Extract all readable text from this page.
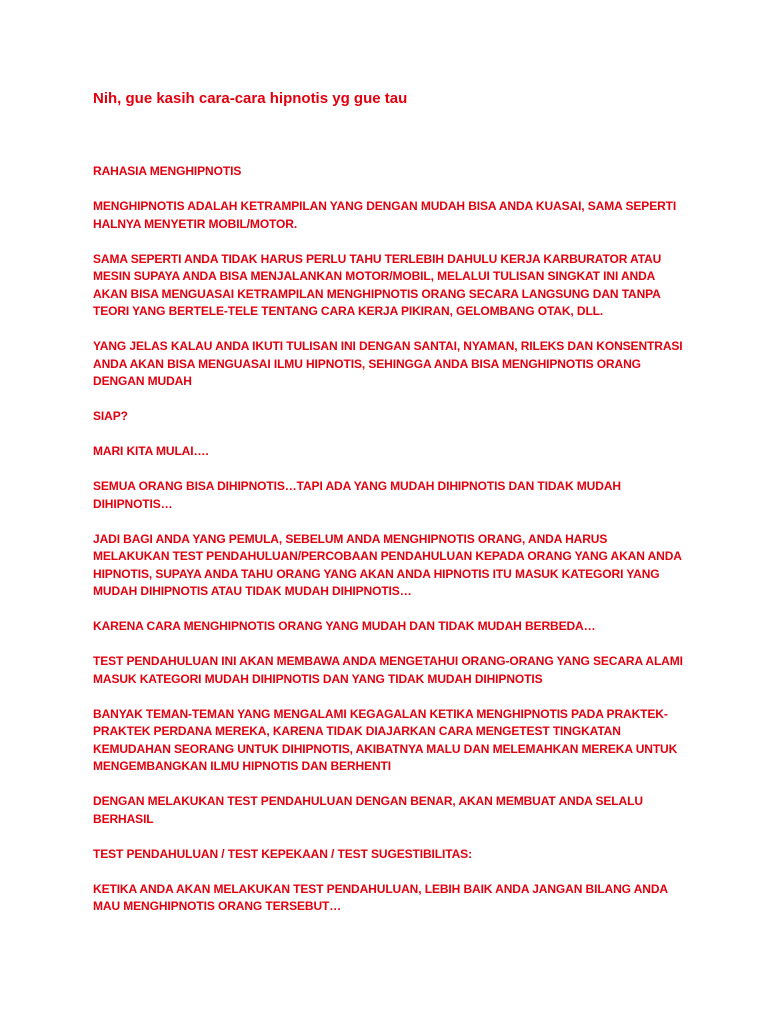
Nih, gue kasih cara-cara hipnotis yg gue tau

RAHASIA MENGHIPNOTIS

MENGHIPNOTIS ADALAH KETRAMPILAN YANG DENGAN MUDAH BISA ANDA KUASAI, SAMA SEPERTI HALNYA MENYETIR MOBIL/MOTOR.

SAMA SEPERTI ANDA TIDAK HARUS PERLU TAHU TERLEBIH DAHULU KERJA KARBURATOR ATAU MESIN SUPAYA ANDA BISA MENJALANKAN MOTOR/MOBIL, MELALUI TULISAN SINGKAT INI ANDA AKAN BISA MENGUASAI KETRAMPILAN MENGHIPNOTIS ORANG SECARA LANGSUNG DAN TANPA TEORI YANG BERTELE-TELE TENTANG CARA KERJA PIKIRAN, GELOMBANG OTAK, DLL.

YANG JELAS KALAU ANDA IKUTI TULISAN INI DENGAN SANTAI, NYAMAN, RILEKS DAN KONSENTRASI ANDA AKAN BISA MENGUASAI ILMU HIPNOTIS, SEHINGGA ANDA BISA MENGHIPNOTIS ORANG DENGAN MUDAH

SIAP?

MARI KITA MULAI….

SEMUA ORANG BISA DIHIPNOTIS…TAPI ADA YANG MUDAH DIHIPNOTIS DAN TIDAK MUDAH DIHIPNOTIS…

JADI BAGI ANDA YANG PEMULA, SEBELUM ANDA MENGHIPNOTIS ORANG, ANDA HARUS MELAKUKAN TEST PENDAHULUAN/PERCOBAAN PENDAHULUAN KEPADA ORANG YANG AKAN ANDA HIPNOTIS, SUPAYA ANDA TAHU ORANG YANG AKAN ANDA HIPNOTIS ITU MASUK KATEGORI YANG MUDAH DIHIPNOTIS ATAU TIDAK MUDAH DIHIPNOTIS…

KARENA CARA MENGHIPNOTIS ORANG YANG MUDAH DAN TIDAK MUDAH BERBEDA…

TEST PENDAHULUAN INI AKAN MEMBAWA ANDA MENGETAHUI ORANG-ORANG YANG SECARA ALAMI MASUK KATEGORI MUDAH DIHIPNOTIS DAN YANG TIDAK MUDAH DIHIPNOTIS

BANYAK TEMAN-TEMAN YANG MENGALAMI KEGAGALAN KETIKA MENGHIPNOTIS PADA PRAKTEK-PRAKTEK PERDANA MEREKA, KARENA TIDAK DIAJARKAN CARA MENGETEST TINGKATAN KEMUDAHAN SEORANG UNTUK DIHIPNOTIS, AKIBATNYA MALU DAN MELEMAHKAN MEREKA UNTUK MENGEMBANGKAN ILMU HIPNOTIS DAN BERHENTI

DENGAN MELAKUKAN TEST PENDAHULUAN DENGAN BENAR, AKAN MEMBUAT ANDA SELALU BERHASIL

TEST PENDAHULUAN / TEST KEPEKAAN / TEST SUGESTIBILITAS:

KETIKA ANDA AKAN MELAKUKAN TEST PENDAHULUAN, LEBIH BAIK ANDA JANGAN BILANG ANDA MAU MENGHIPNOTIS ORANG TERSEBUT…
